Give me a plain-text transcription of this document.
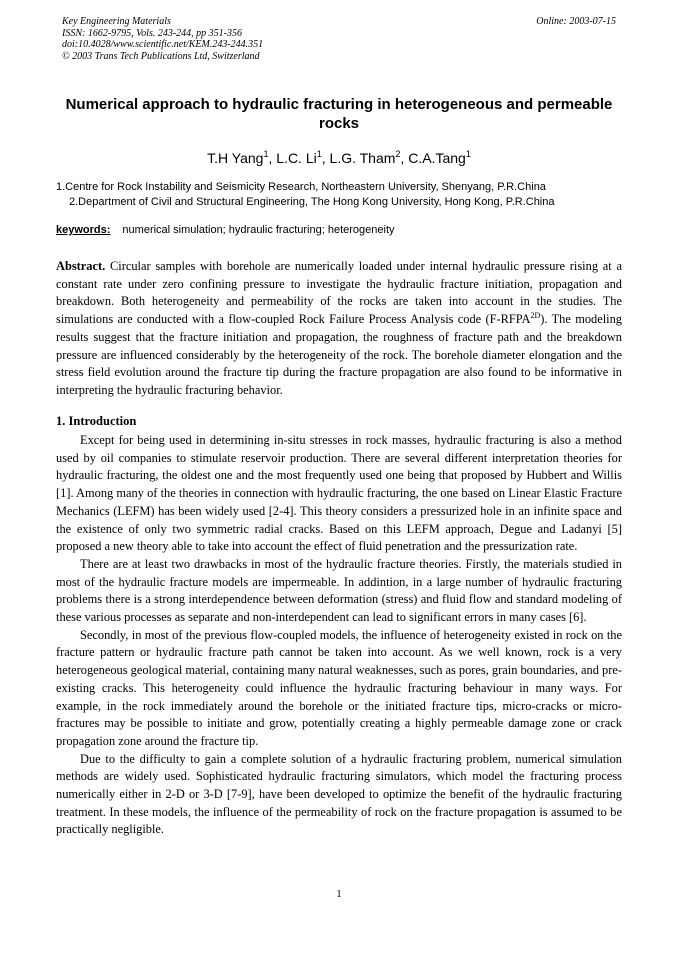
Key Engineering Materials
ISSN: 1662-9795, Vols. 243-244, pp 351-356
doi:10.4028/www.scientific.net/KEM.243-244.351
© 2003 Trans Tech Publications Ltd, Switzerland
Online: 2003-07-15
Numerical approach to hydraulic fracturing in heterogeneous and permeable rocks
T.H Yang$^1$, L.C. Li$^1$, L.G. Tham$^2$, C.A.Tang$^1$
1.Centre for Rock Instability and Seismicity Research, Northeastern University, Shenyang, P.R.China
2.Department of Civil and Structural Engineering, The Hong Kong University, Hong Kong, P.R.China
keywords: numerical simulation; hydraulic fracturing; heterogeneity

Abstract. Circular samples with borehole are numerically loaded under internal hydraulic pressure rising at a constant rate under zero confining pressure to investigate the hydraulic fracture initiation, propagation and breakdown. Both heterogeneity and permeability of the rocks are taken into account in the studies. The simulations are conducted with a flow-coupled Rock Failure Process Analysis code $(F-RFPA^{2D})$. The modeling results suggest that the fracture initiation and propagation, the roughness of fracture path and the breakdown pressure are influenced considerably by the heterogeneity of the rock. The borehole diameter elongation and the stress field evolution around the fracture tip during the fracture propagation are also found to be informative in interpreting the hydraulic fracturing behavior.

1. Introduction

Except for being used in determining in-situ stresses in rock masses, hydraulic fracturing is also a method used by oil companies to stimulate reservoir production. There are several different interpretation theories for hydraulic fracturing, the oldest one and the most frequently used one being that proposed by Hubbert and Willis [1]. Among many of the theories in connection with hydraulic fracturing, the one based on Linear Elastic Fracture Mechanics (LEFM) has been widely used [2-4]. This theory considers a pressurized hole in an infinite space and the existence of only two symmetric radial cracks. Based on this LEFM approach, Degue and Ladanyi [5] proposed a new theory able to take into account the effect of fluid penetration and the pressurization rate.

There are at least two drawbacks in most of the hydraulic fracture theories. Firstly, the materials studied in most of the hydraulic fracture models are impermeable. In addintion, in a large number of hydraulic fracturing problems there is a strong interdependence between deformation (stress) and fluid flow and standard modeling of these various processes as separate and non-interdependent can lead to significant errors in many cases [6].

Secondly, in most of the previous flow-coupled models, the influence of heterogeneity existed in rock on the fracture pattern or hydraulic fracture path cannot be taken into account. As we well known, rock is a very heterogeneous geological material, containing many natural weaknesses, such as pores, grain boundaries, and pre-existing cracks. This heterogeneity could influence the hydraulic fracturing behaviour in many ways. For example, in the rock immediately around the borehole or the initiated fracture tips, micro-cracks or micro-fractures may be possible to initiate and grow, potentially creating a highly permeable damage zone or crack propagation zone around the fracture tip.

Due to the difficulty to gain a complete solution of a hydraulic fracturing problem, numerical simulation methods are widely used. Sophisticated hydraulic fracturing simulators, which model the fracturing process numerically either in 2-D or 3-D [7-9], have been developed to optimize the benefit of the hydraulic fracturing treatment. In these models, the influence of the permeability of rock on the fracture propagation is assumed to be practically negligible.

1
